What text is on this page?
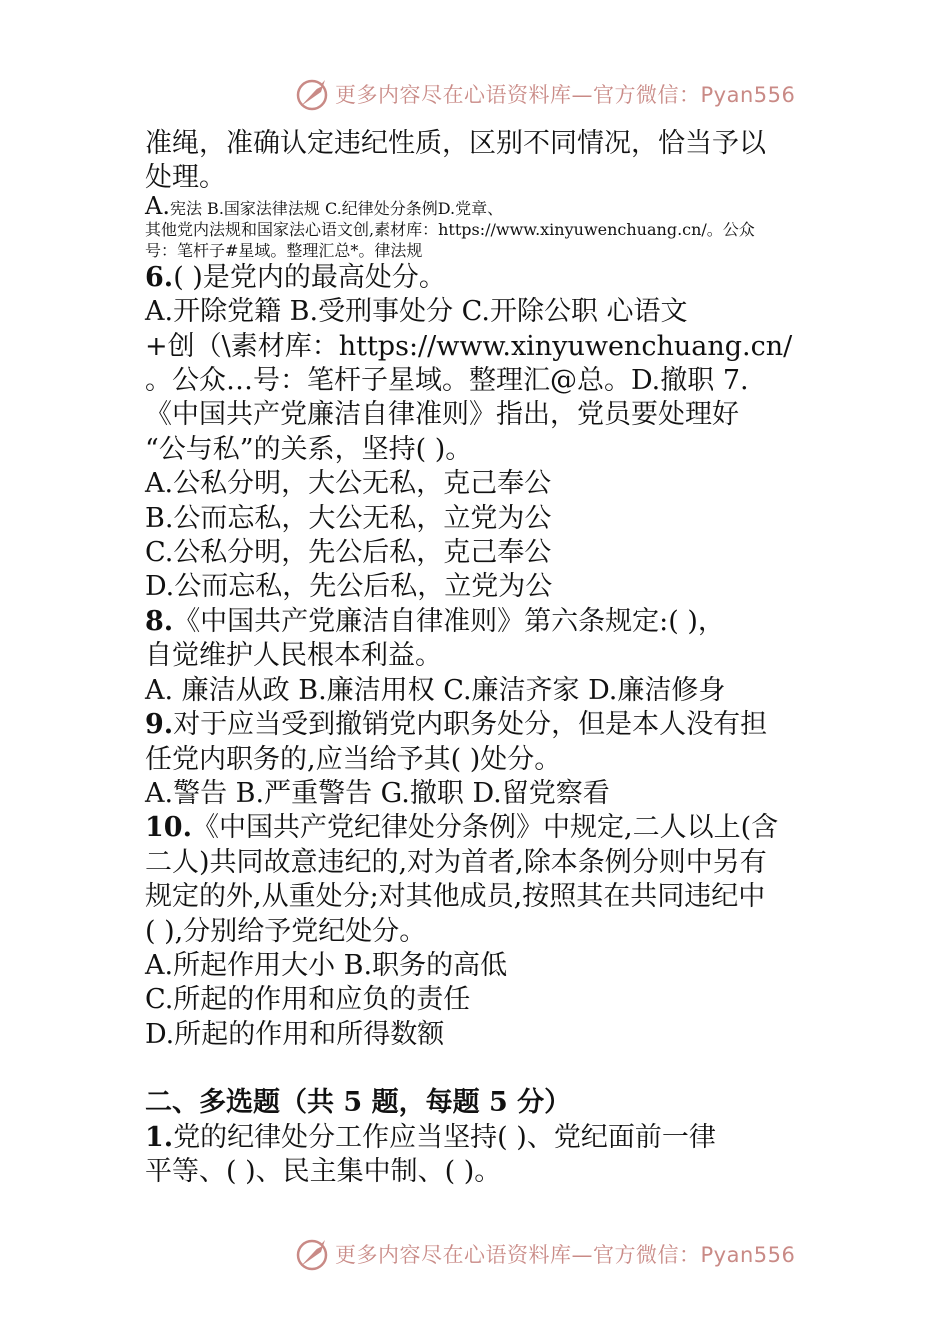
更多内容尽在心语资料库—官方微信：Pyan556
准绳，准确认定违纪性质，区别不同情况，恰当予以
处理。
A.宪法 B.国家法律法规 C.纪律处分条例D.党章、
其他党内法规和国家法心语文创,素材库：https://www.xinyuwenchuang.cn/。公众
号：笔杆子#星域。整理汇总*。律法规
6.( )是党内的最高处分。
A.开除党籍 B.受刑事处分 C.开除公职 心语文
+创（\素材库：https://www.xinyuwenchuang.cn/
。公众…号：笔杆子星域。整理汇@总。D.撤职 7.
《中国共产党廉洁自律准则》指出，党员要处理好
“公与私”的关系，坚持( )。
A.公私分明，大公无私，克己奉公
B.公而忘私，大公无私，立党为公
C.公私分明，先公后私，克己奉公
D.公而忘私，先公后私，立党为公
8.《中国共产党廉洁自律准则》第六条规定:( )，
自觉维护人民根本利益。
A. 廉洁从政 B.廉洁用权 C.廉洁齐家 D.廉洁修身
9.对于应当受到撤销党内职务处分，但是本人没有担
任党内职务的,应当给予其( )处分。
A.警告 B.严重警告 G.撤职 D.留党察看
10.《中国共产党纪律处分条例》中规定,二人以上(含
二人)共同故意违纪的,对为首者,除本条例分则中另有
规定的外,从重处分;对其他成员,按照其在共同违纪中
( ),分别给予党纪处分。
A.所起作用大小 B.职务的高低
C.所起的作用和应负的责任
D.所起的作用和所得数额
二、多选题（共 5 题，每题 5 分）
1.党的纪律处分工作应当坚持( )、党纪面前一律
平等、( )、民主集中制、( )。
更多内容尽在心语资料库—官方微信：Pyan556
